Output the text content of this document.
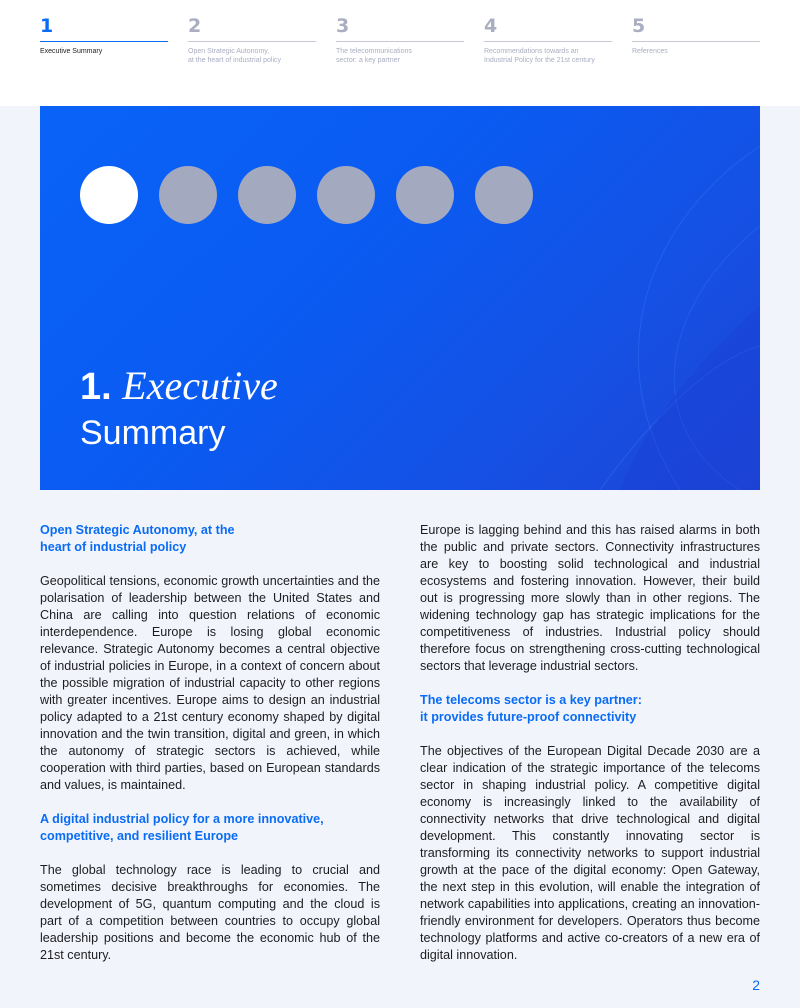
1
Executive Summary
2
Open Strategic Autonomy,
at the heart of industrial policy
3
The telecommunications
sector: a key partner
4
Recommendations towards an
Industrial Policy for the 21st century
5
References
1. Executive
Summary
Open Strategic Autonomy, at the
heart of industrial policy

Geopolitical tensions, economic growth uncertainties and the polarisation of leadership between the United States and China are calling into question relations of economic interdependence. Europe is losing global economic relevance. Strategic Autonomy becomes a central objective of industrial policies in Europe, in a context of concern about the possible migration of industrial capacity to other regions with greater incentives. Europe aims to design an industrial policy adapted to a 21st century economy shaped by digital innovation and the twin transition, digital and green, in which the autonomy of strategic sectors is achieved, while cooperation with third parties, based on European standards and values, is maintained.

A digital industrial policy for a more innovative,
competitive, and resilient Europe

The global technology race is leading to crucial and sometimes decisive breakthroughs for economies. The development of 5G, quantum computing and the cloud is part of a competition between countries to occupy global leadership positions and become the economic hub of the 21st century.

Europe is lagging behind and this has raised alarms in both the public and private sectors. Connectivity infrastructures are key to boosting solid technological and industrial ecosystems and fostering innovation. However, their build out is progressing more slowly than in other regions. The widening technology gap has strategic implications for the competitiveness of industries. Industrial policy should therefore focus on strengthening cross-cutting technological sectors that leverage industrial sectors.

The telecoms sector is a key partner:
it provides future-proof connectivity

The objectives of the European Digital Decade 2030 are a clear indication of the strategic importance of the telecoms sector in shaping industrial policy. A competitive digital economy is increasingly linked to the availability of connectivity networks that drive technological and digital development. This constantly innovating sector is transforming its connectivity networks to support industrial growth at the pace of the digital economy: Open Gateway, the next step in this evolution, will enable the integration of network capabilities into applications, creating an innovation-friendly environment for developers. Operators thus become technology platforms and active co-creators of a new era of digital innovation.

2
